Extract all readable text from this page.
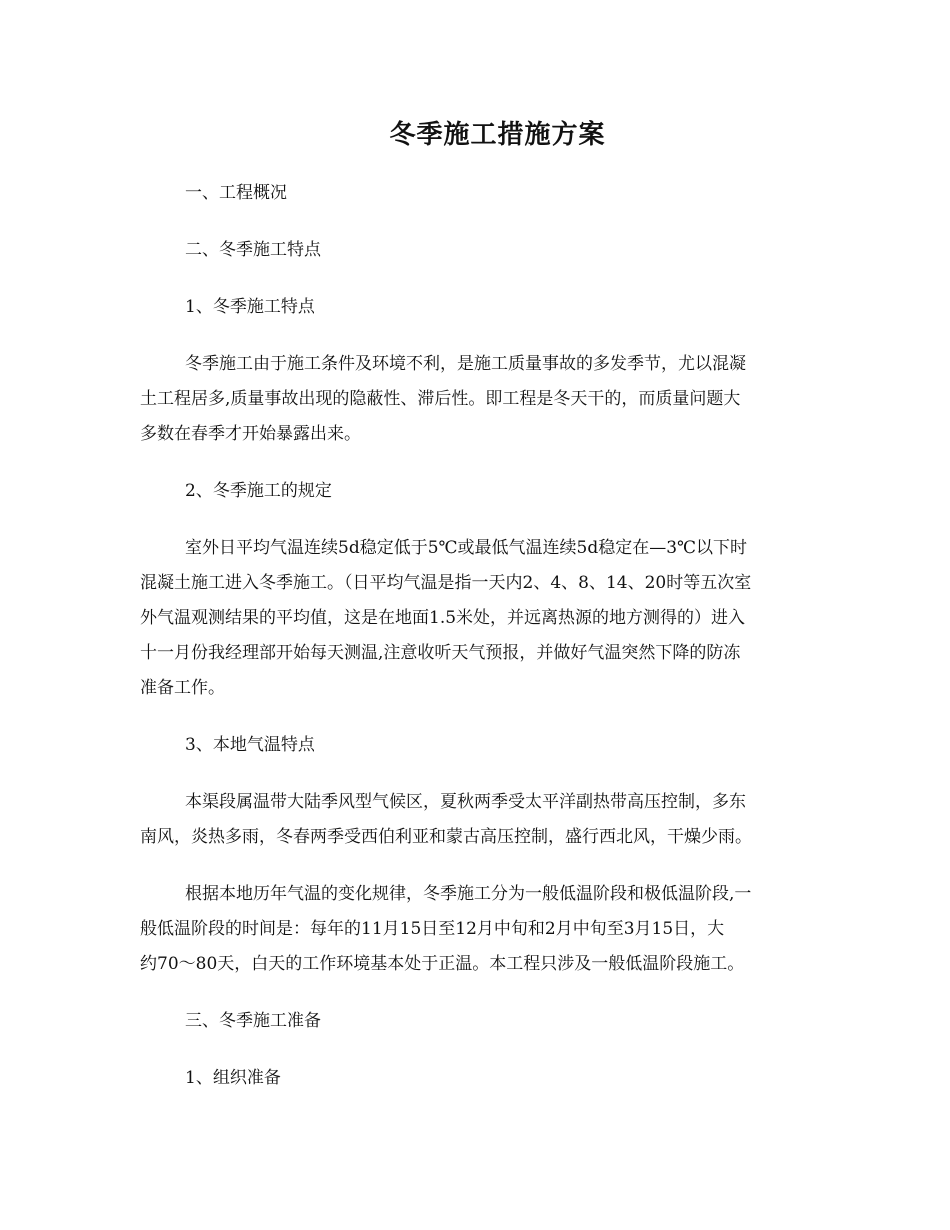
冬季施工措施方案

一、工程概况

二、冬季施工特点

1、冬季施工特点

冬季施工由于施工条件及环境不利，是施工质量事故的多发季节，尤以混凝

土工程居多,质量事故出现的隐蔽性、滞后性。即工程是冬天干的，而质量问题大

多数在春季才开始暴露出来。

2、冬季施工的规定

室外日平均气温连续5d稳定低于5℃或最低气温连续5d稳定在—3℃以下时

混凝土施工进入冬季施工。（日平均气温是指一天内2、4、8、14、20时等五次室

外气温观测结果的平均值，这是在地面1.5米处，并远离热源的地方测得的）进入

十一月份我经理部开始每天测温,注意收听天气预报，并做好气温突然下降的防冻

准备工作。

3、本地气温特点

本渠段属温带大陆季风型气候区，夏秋两季受太平洋副热带高压控制，多东

南风，炎热多雨，冬春两季受西伯利亚和蒙古高压控制，盛行西北风，干燥少雨。

根据本地历年气温的变化规律，冬季施工分为一般低温阶段和极低温阶段,一

般低温阶段的时间是：每年的11月15日至12月中旬和2月中旬至3月15日，大

约70～80天，白天的工作环境基本处于正温。本工程只涉及一般低温阶段施工。

三、冬季施工准备

1、组织准备
